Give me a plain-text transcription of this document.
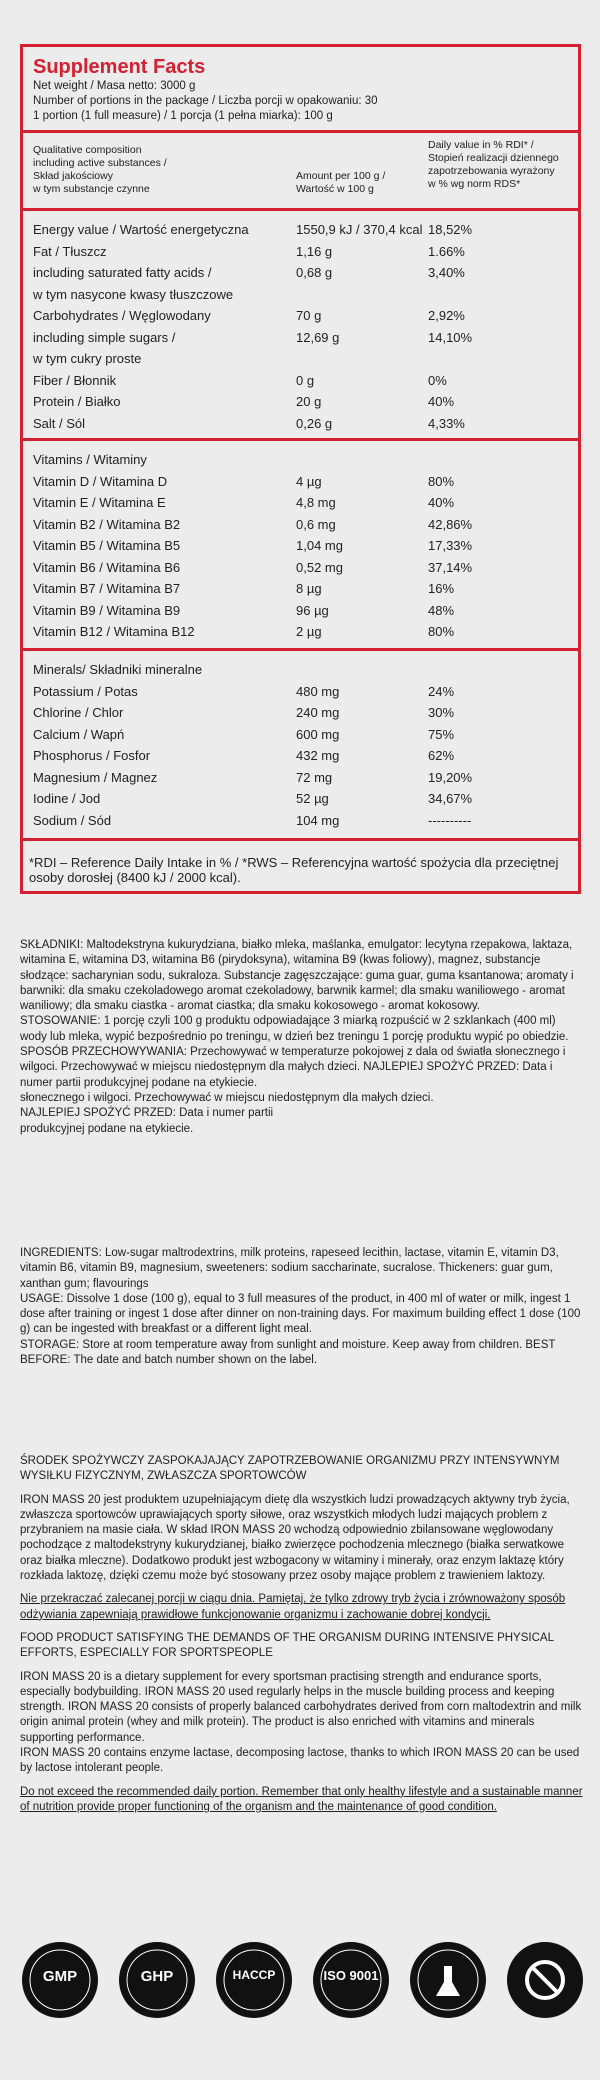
Supplement Facts
Net weight / Masa netto: 3000 g
Number of portions in the package / Liczba porcji w opakowaniu: 30
1 portion (1 full measure) / 1 porcja (1 pełna miarka): 100 g
Qualitative composition
including active substances /
Skład jakościowy
w tym substancje czynne
Amount per 100 g /
Wartość w 100 g
Daily value in % RDI* /
Stopień realizacji dziennego
zapotrzebowania wyrażony
w % wg norm RDS*
Energy value / Wartość energetyczna	1550,9 kJ / 370,4 kcal 18,52%
Fat / Tłuszcz	1,16 g	1.66%
including saturated fatty acids /	0,68 g	3,40%
w tym nasycone kwasy tłuszczowe
Carbohydrates / Węglowodany	70 g	2,92%
including simple sugars /	12,69 g	14,10%
w tym cukry proste
Fiber / Błonnik	0 g	0%
Protein / Białko	20 g	40%
Salt / Sól	0,26 g	4,33%
Vitamins / Witaminy
Vitamin D / Witamina D	4 µg	80%
Vitamin E / Witamina E	4,8 mg	40%
Vitamin B2 / Witamina B2	0,6 mg	42,86%
Vitamin B5 / Witamina B5	1,04 mg	17,33%
Vitamin B6 / Witamina B6	0,52 mg	37,14%
Vitamin B7 / Witamina B7	8 µg	16%
Vitamin B9 / Witamina B9	96 µg	48%
Vitamin B12 / Witamina B12	2 µg	80%
Minerals/ Składniki mineralne
Potassium / Potas	480 mg	24%
Chlorine / Chlor	240 mg	30%
Calcium / Wapń	600 mg	75%
Phosphorus / Fosfor	432 mg	62%
Magnesium / Magnez	72 mg	19,20%
Iodine / Jod	52 µg	34,67%
Sodium / Sód	104 mg	----------
*RDI – Reference Daily Intake in % / *RWS – Referencyjna wartość spożycia dla przeciętnej osoby dorosłej (8400 kJ / 2000 kcal).

SKŁADNIKI: Maltodekstryna kukurydziana, białko mleka, maślanka, emulgator: lecytyna rzepakowa, laktaza, witamina E, witamina D3, witamina B6 (pirydoksyna), witamina B9 (kwas foliowy), magnez, substancje słodzące: sacharynian sodu, sukraloza. Substancje zagęszczające: guma guar, guma ksantanowa; aromaty i barwniki: dla smaku czekoladowego aromat czekoladowy, barwnik karmel; dla smaku waniliowego - aromat waniliowy; dla smaku ciastka - aromat ciastka; dla smaku kokosowego - aromat kokosowy.

STOSOWANIE: 1 porcję czyli 100 g produktu odpowiadające 3 miarką rozpuścić w 2 szklankach (400 ml) wody lub mleka, wypić bezpośrednio po treningu, w dzień bez treningu 1 porcję produktu wypić po obiedzie.

SPOSÓB PRZECHOWYWANIA: Przechowywać w temperaturze pokojowej z dala od światła słonecznego i wilgoci. Przechowywać w miejscu niedostępnym dla małych dzieci. NAJLEPIEJ SPOŻYĆ PRZED: Data i numer partii produkcyjnej podane na etykiecie.

słonecznego i wilgoci. Przechowywać w miejscu niedostępnym dla małych dzieci.

NAJLEPIEJ SPOŻYĆ PRZED: Data i numer partii

produkcyjnej podane na etykiecie.

INGREDIENTS: Low-sugar maltrodextrins, milk proteins, rapeseed lecithin, lactase, vitamin E, vitamin D3, vitamin B6, vitamin B9, magnesium, sweeteners: sodium saccharinate, sucralose. Thickeners: guar gum, xanthan gum; flavourings

USAGE: Dissolve 1 dose (100 g), equal to 3 full measures of the product, in 400 ml of water or milk, ingest 1 dose after training or ingest 1 dose after dinner on non-training days. For maximum building effect 1 dose (100 g) can be ingested with breakfast or a different light meal.

STORAGE: Store at room temperature away from sunlight and moisture. Keep away from children. BEST BEFORE: The date and batch number shown on the label.

ŚRODEK SPOŻYWCZY ZASPOKAJAJĄCY ZAPOTRZEBOWANIE ORGANIZMU PRZY INTENSYWNYM WYSIŁKU FIZYCZNYM, ZWŁASZCZA SPORTOWCÓW

IRON MASS 20 jest produktem uzupełniającym dietę dla wszystkich ludzi prowadzących aktywny tryb życia, zwłaszcza sportowców uprawiających sporty siłowe, oraz wszystkich młodych ludzi mających problem z przybraniem na masie ciała. W skład IRON MASS 20 wchodzą odpowiednio zbilansowane węglowodany pochodzące z maltodekstryny kukurydzianej, białko zwierzęce pochodzenia mlecznego (białka serwatkowe oraz białka mleczne). Dodatkowo produkt jest wzbogacony w witaminy i minerały, oraz enzym laktazę który rozkłada laktozę, dzięki czemu może być stosowany przez osoby mające problem z trawieniem laktozy.

Nie przekraczać zalecanej porcji w ciągu dnia. Pamiętaj, że tylko zdrowy tryb życia i zrównoważony sposób odżywiania zapewniają prawidłowe funkcjonowanie organizmu i zachowanie dobrej kondycji.

FOOD PRODUCT SATISFYING THE DEMANDS OF THE ORGANISM DURING INTENSIVE PHYSICAL EFFORTS, ESPECIALLY FOR SPORTSPEOPLE

IRON MASS 20 is a dietary supplement for every sportsman practising strength and endurance sports, especially bodybuilding. IRON MASS 20 used regularly helps in the muscle building process and keeping strength. IRON MASS 20 consists of properly balanced carbohydrates derived from corn maltodextrin and milk origin animal protein (whey and milk protein). The product is also enriched with vitamins and minerals supporting performance.

IRON MASS 20 contains enzyme lactase, decomposing lactose, thanks to which IRON MASS 20 can be used by lactose intolerant people.

Do not exceed the recommended daily portion. Remember that only healthy lifestyle and a sustainable manner of nutrition provide proper functioning of the organism and the maintenance of good condition.

GMP	GHP	HACCP	ISO 9001
